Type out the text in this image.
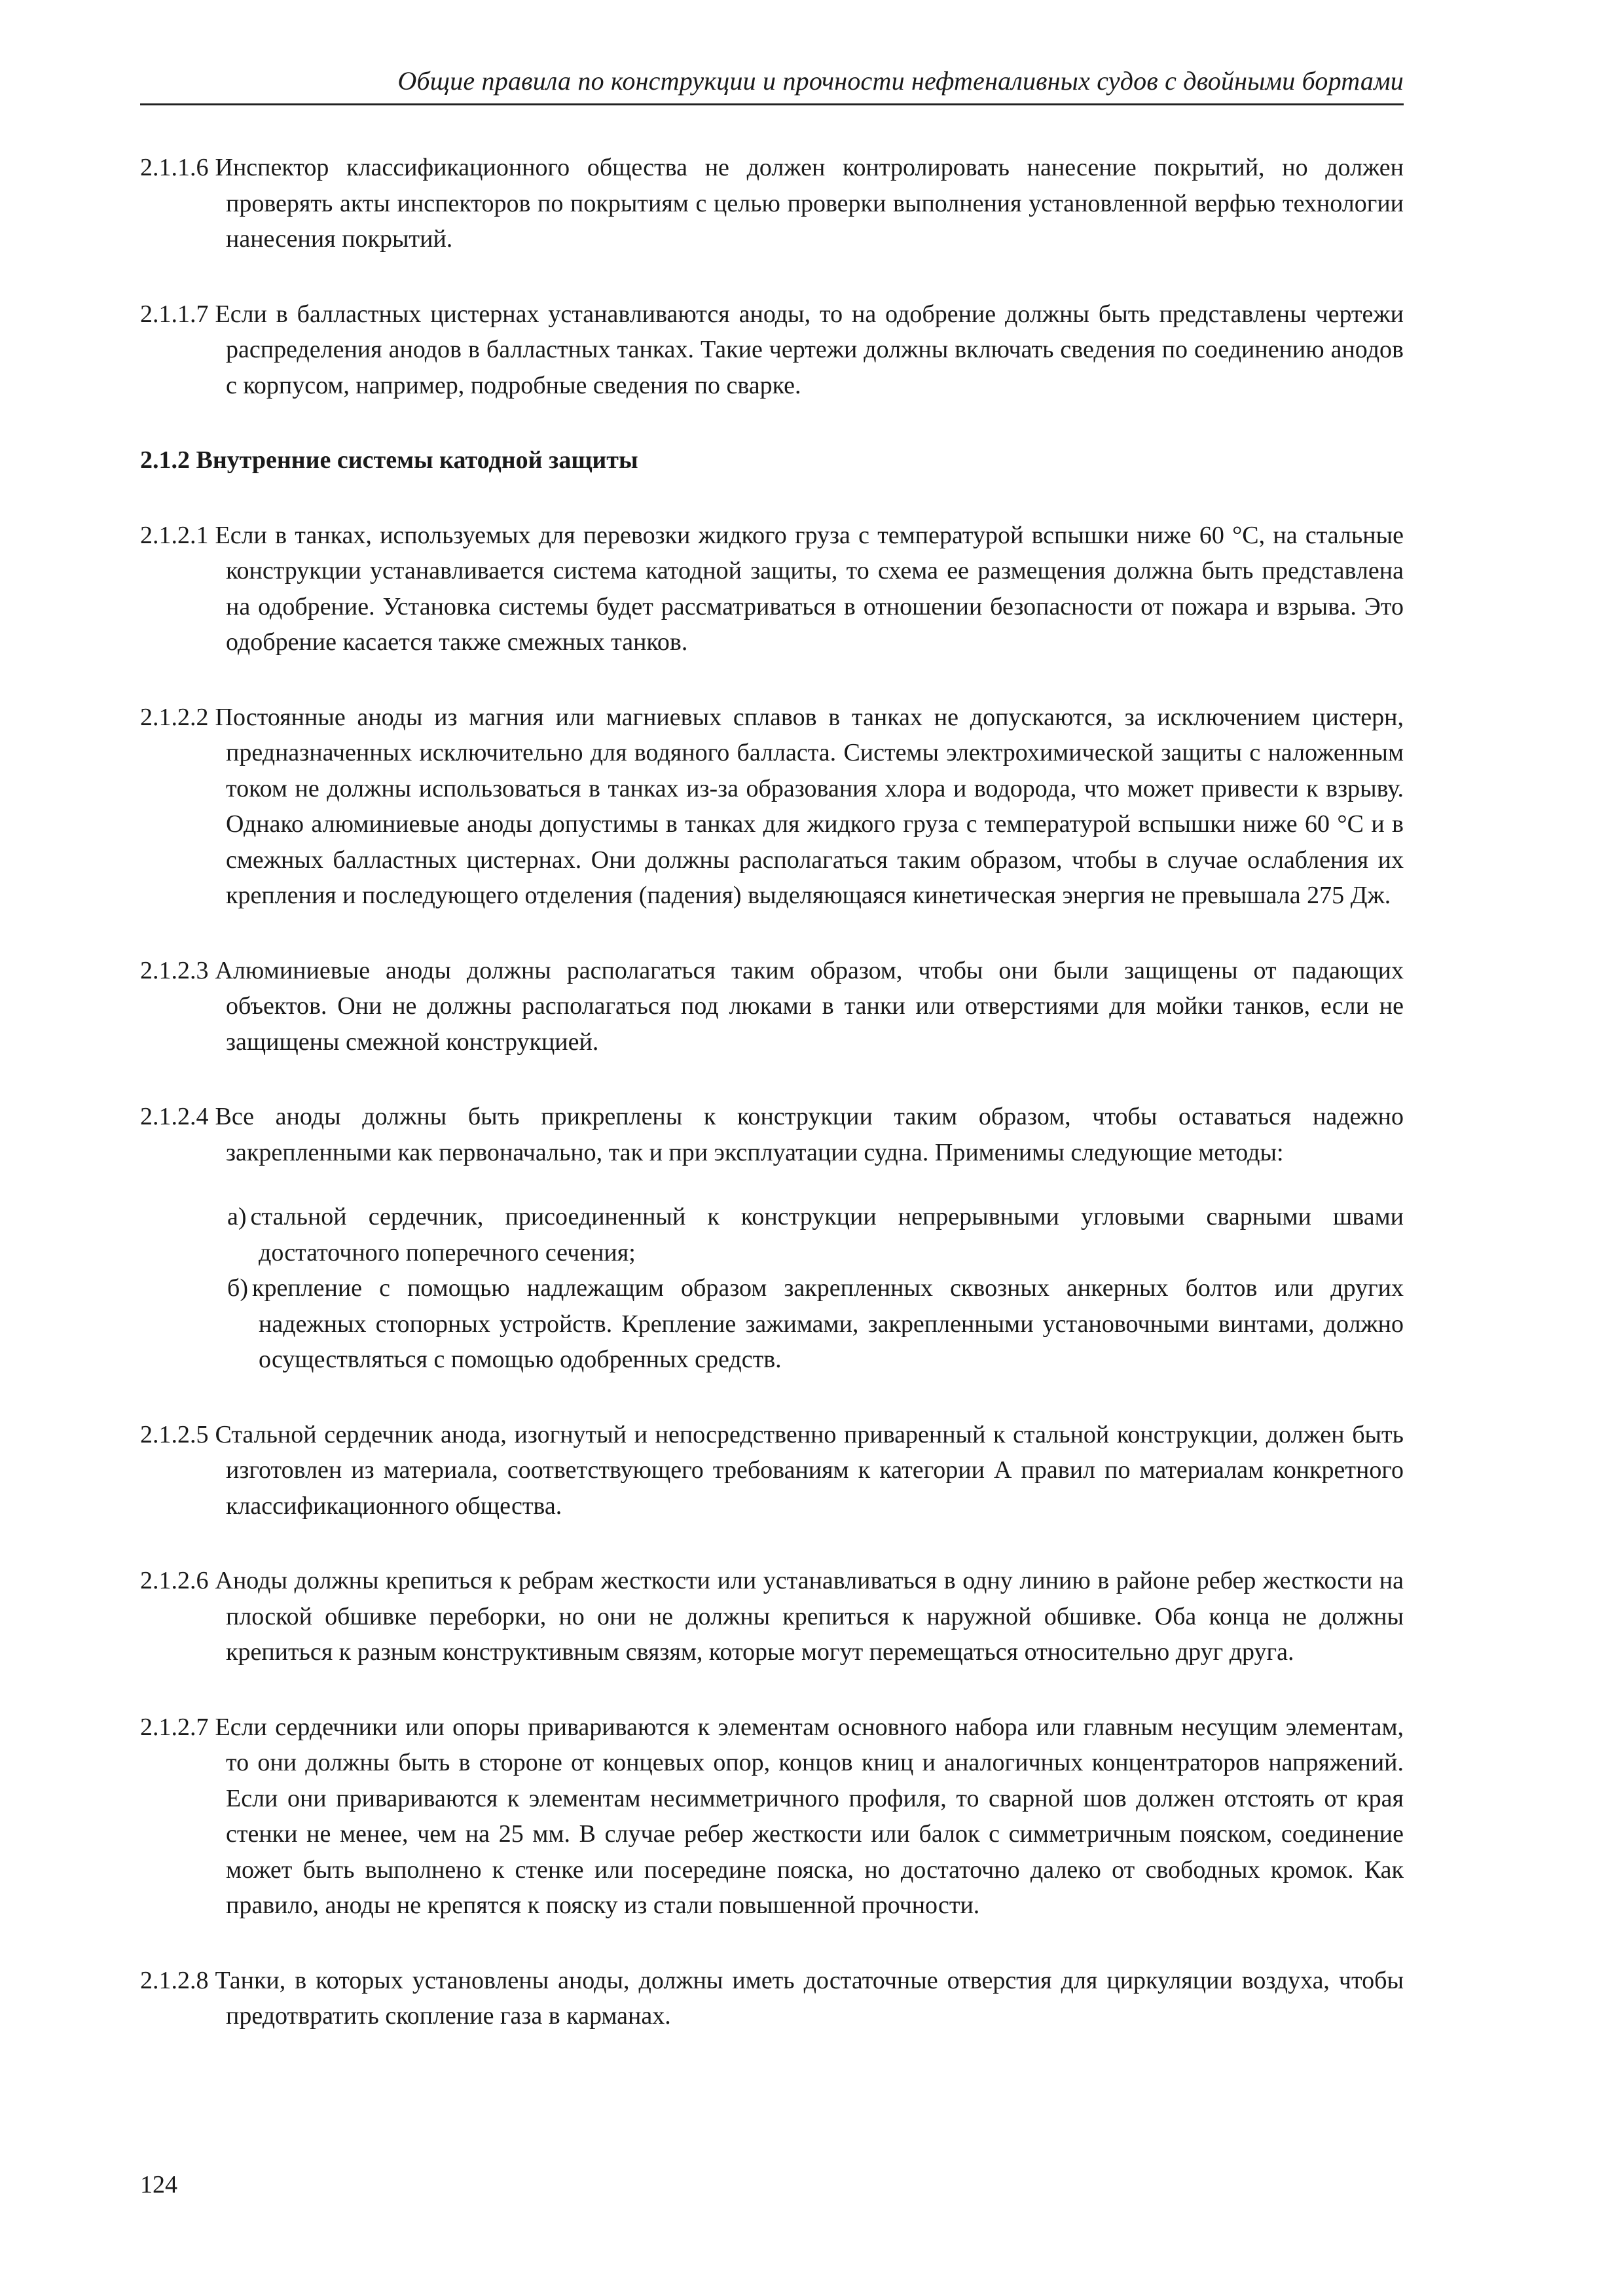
Общие правила по конструкции и прочности нефтеналивных судов с двойными бортами

2.1.1.6 Инспектор классификационного общества не должен контролировать нанесение покрытий, но должен проверять акты инспекторов по покрытиям с целью проверки выполнения установленной верфью технологии нанесения покрытий.

2.1.1.7 Если в балластных цистернах устанавливаются аноды, то на одобрение должны быть представлены чертежи распределения анодов в балластных танках. Такие чертежи должны включать сведения по соединению анодов с корпусом, например, подробные сведения по сварке.

2.1.2 Внутренние системы катодной защиты

2.1.2.1 Если в танках, используемых для перевозки жидкого груза с температурой вспышки ниже 60 °С, на стальные конструкции устанавливается система катодной защиты, то схема ее размещения должна быть представлена на одобрение. Установка системы будет рассматриваться в отношении безопасности от пожара и взрыва. Это одобрение касается также смежных танков.

2.1.2.2 Постоянные аноды из магния или магниевых сплавов в танках не допускаются, за исключением цистерн, предназначенных исключительно для водяного балласта. Системы электрохимической защиты с наложенным током не должны использоваться в танках из-за образования хлора и водорода, что может привести к взрыву. Однако алюминиевые аноды допустимы в танках для жидкого груза с температурой вспышки ниже 60 °С и в смежных балластных цистернах. Они должны располагаться таким образом, чтобы в случае ослабления их крепления и последующего отделения (падения) выделяющаяся кинетическая энергия не превышала 275 Дж.

2.1.2.3 Алюминиевые аноды должны располагаться таким образом, чтобы они были защищены от падающих объектов. Они не должны располагаться под люками в танки или отверстиями для мойки танков, если не защищены смежной конструкцией.

2.1.2.4 Все аноды должны быть прикреплены к конструкции таким образом, чтобы оставаться надежно закрепленными как первоначально, так и при эксплуатации судна. Применимы следующие методы:

а) стальной сердечник, присоединенный к конструкции непрерывными угловыми сварными швами достаточного поперечного сечения;

б) крепление с помощью надлежащим образом закрепленных сквозных анкерных болтов или других надежных стопорных устройств. Крепление зажимами, закрепленными установочными винтами, должно осуществляться с помощью одобренных средств.

2.1.2.5 Стальной сердечник анода, изогнутый и непосредственно приваренный к стальной конструкции, должен быть изготовлен из материала, соответствующего требованиям к категории А правил по материалам конкретного классификационного общества.

2.1.2.6 Аноды должны крепиться к ребрам жесткости или устанавливаться в одну линию в районе ребер жесткости на плоской обшивке переборки, но они не должны крепиться к наружной обшивке. Оба конца не должны крепиться к разным конструктивным связям, которые могут перемещаться относительно друг друга.

2.1.2.7 Если сердечники или опоры привариваются к элементам основного набора или главным несущим элементам, то они должны быть в стороне от концевых опор, концов книц и аналогичных концентраторов напряжений. Если они привариваются к элементам несимметричного профиля, то сварной шов должен отстоять от края стенки не менее, чем на 25 мм. В случае ребер жесткости или балок с симметричным пояском, соединение может быть выполнено к стенке или посередине пояска, но достаточно далеко от свободных кромок. Как правило, аноды не крепятся к пояску из стали повышенной прочности.

2.1.2.8 Танки, в которых установлены аноды, должны иметь достаточные отверстия для циркуляции воздуха, чтобы предотвратить скопление газа в карманах.

124
